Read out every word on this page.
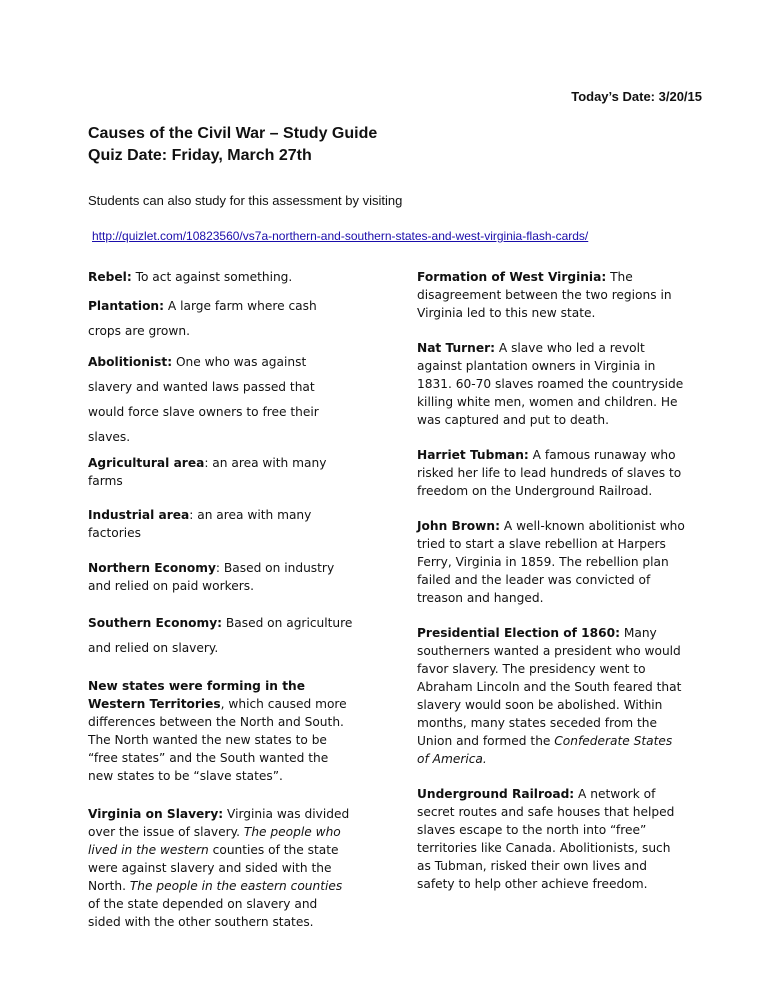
Today’s Date: 3/20/15
Causes of the Civil War – Study Guide
Quiz Date: Friday, March 27th
Students can also study for this assessment by visiting
http://quizlet.com/10823560/vs7a-northern-and-southern-states-and-west-virginia-flash-cards/

Rebel: To act against something.

Plantation: A large farm where cash crops are grown.

Abolitionist: One who was against slavery and wanted laws passed that would force slave owners to free their slaves.

Agricultural area: an area with many farms

Industrial area: an area with many factories

Northern Economy: Based on industry and relied on paid workers.

Southern Economy: Based on agriculture and relied on slavery.

New states were forming in the Western Territories, which caused more differences between the North and South. The North wanted the new states to be “free states” and the South wanted the new states to be “slave states”.

Virginia on Slavery: Virginia was divided over the issue of slavery. The people who lived in the western counties of the state were against slavery and sided with the North. The people in the eastern counties of the state depended on slavery and sided with the other southern states.

Formation of West Virginia: The disagreement between the two regions in Virginia led to this new state.

Nat Turner: A slave who led a revolt against plantation owners in Virginia in 1831. 60-70 slaves roamed the countryside killing white men, women and children. He was captured and put to death.

Harriet Tubman: A famous runaway who risked her life to lead hundreds of slaves to freedom on the Underground Railroad.

John Brown: A well-known abolitionist who tried to start a slave rebellion at Harpers Ferry, Virginia in 1859. The rebellion plan failed and the leader was convicted of treason and hanged.

Presidential Election of 1860: Many southerners wanted a president who would favor slavery. The presidency went to Abraham Lincoln and the South feared that slavery would soon be abolished. Within months, many states seceded from the Union and formed the Confederate States of America.

Underground Railroad: A network of secret routes and safe houses that helped slaves escape to the north into “free” territories like Canada. Abolitionists, such as Tubman, risked their own lives and safety to help other achieve freedom.
